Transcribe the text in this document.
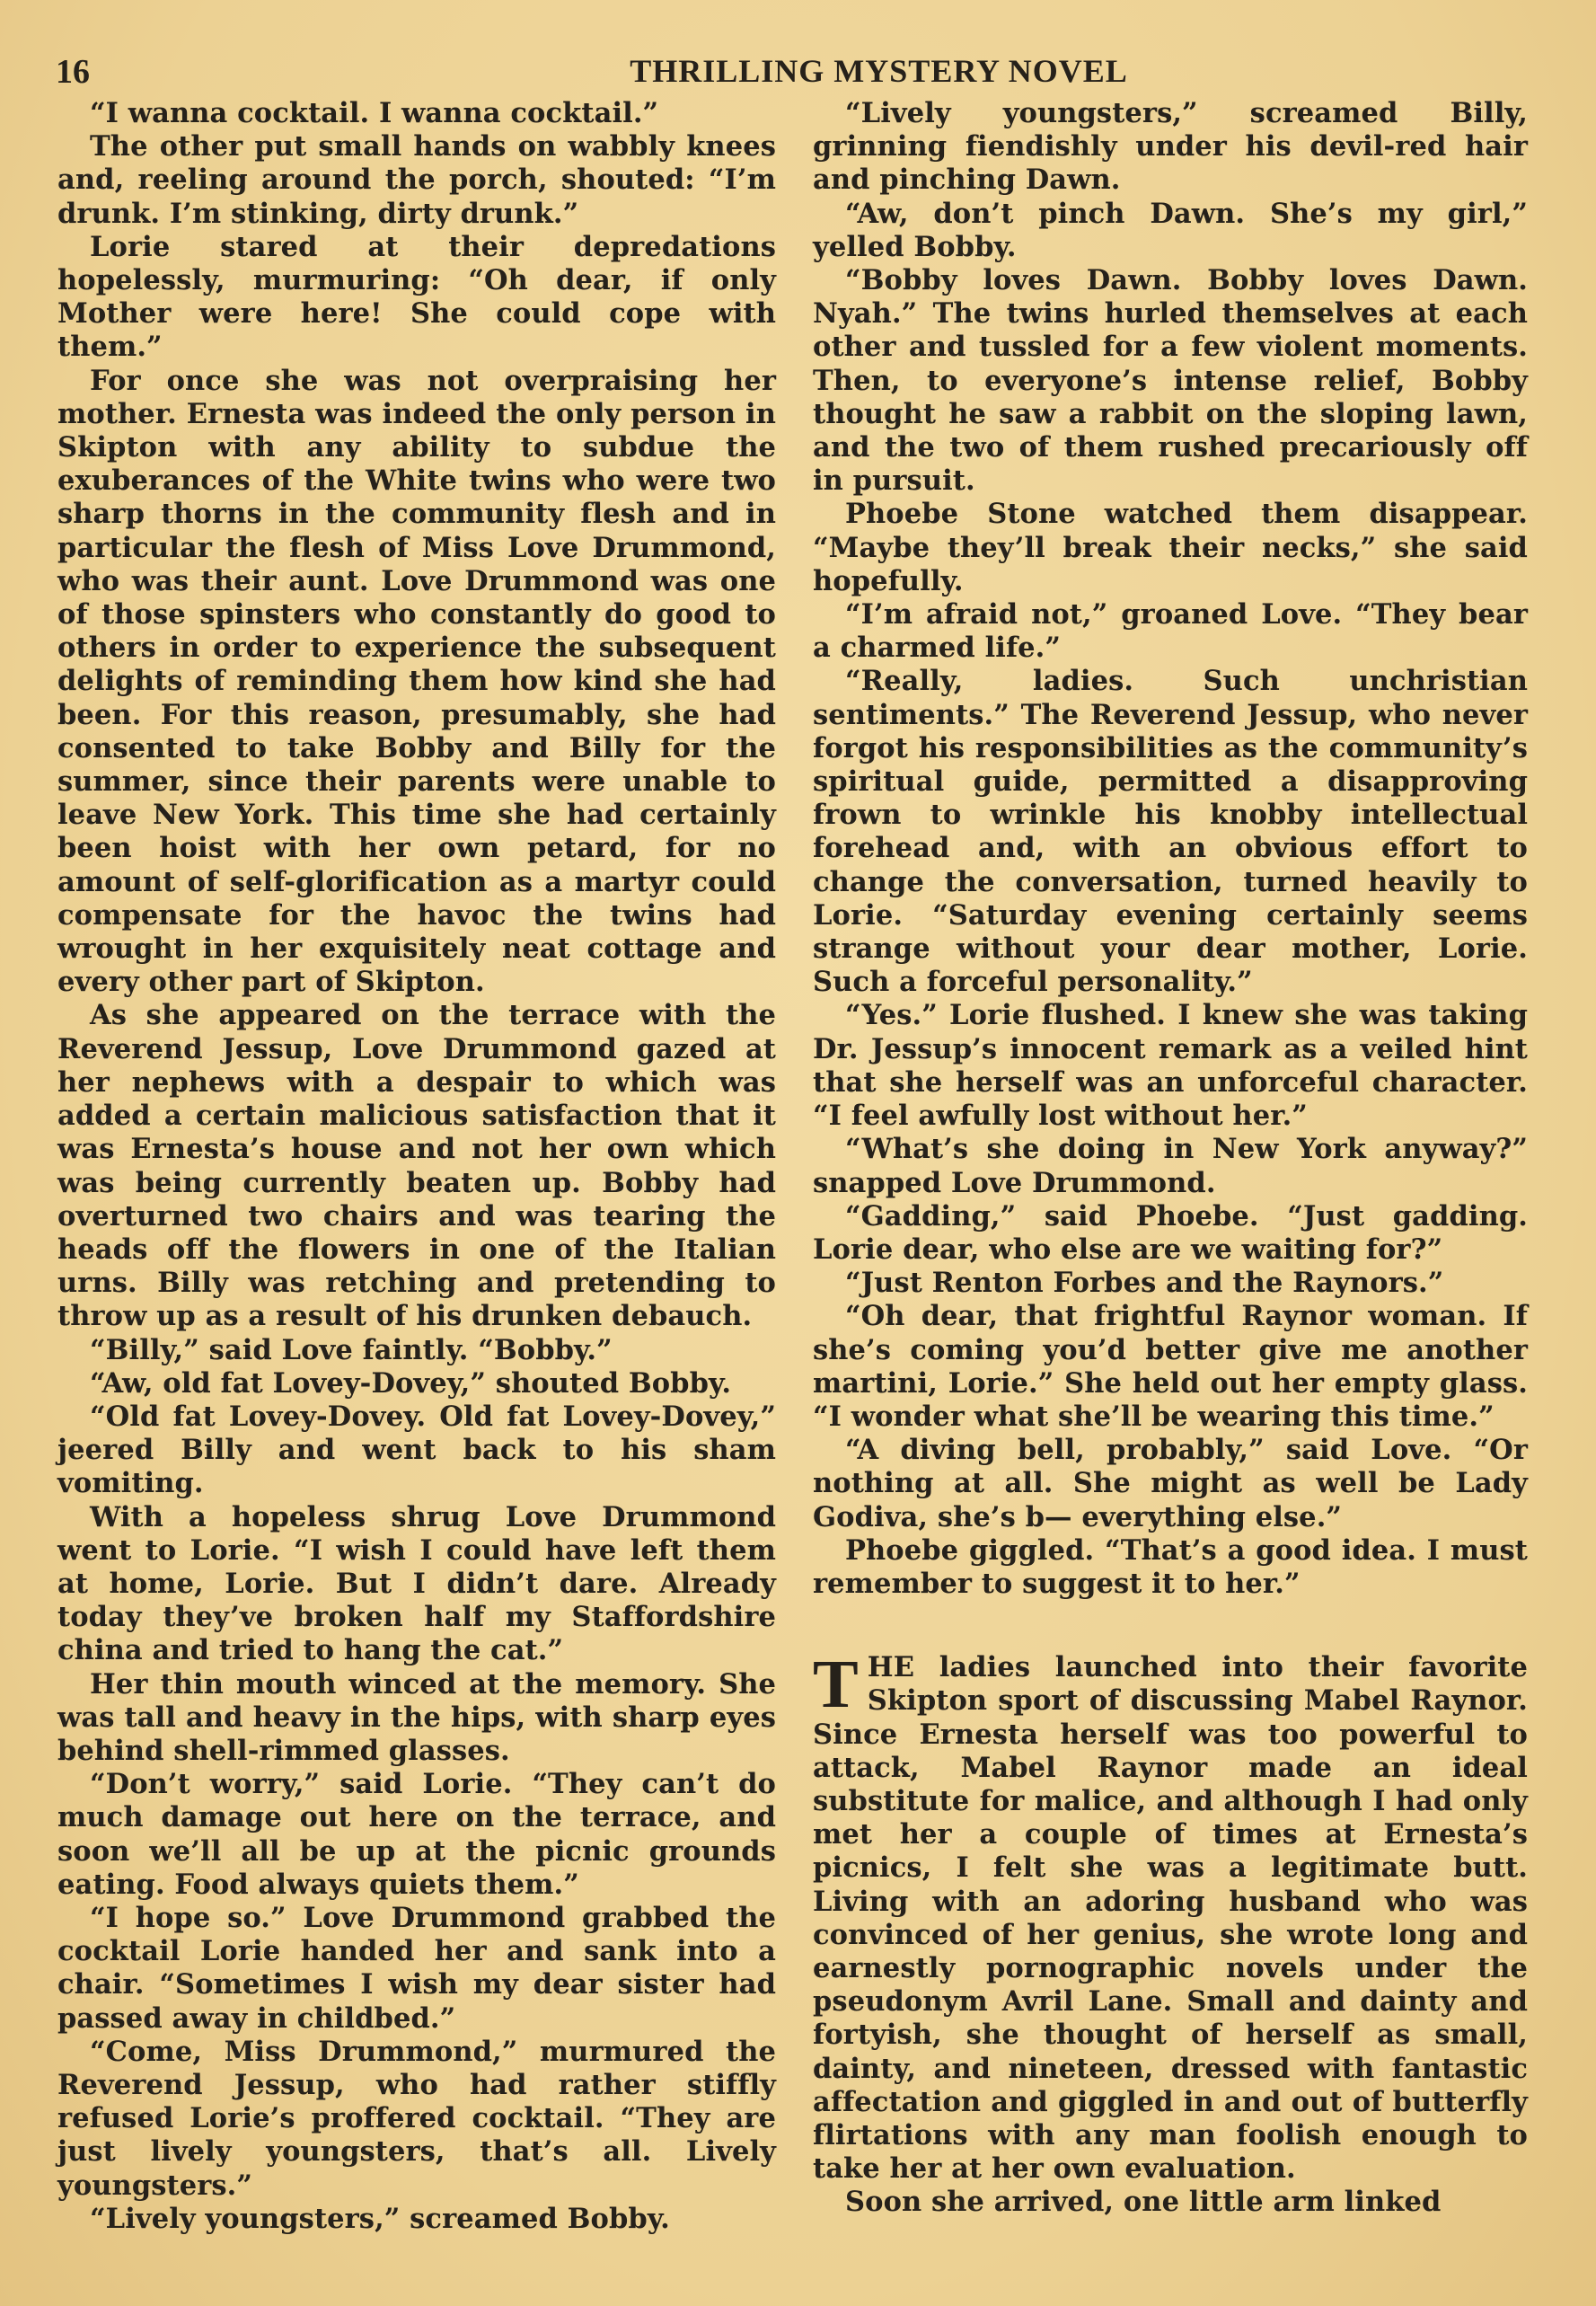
16	THRILLING MYSTERY NOVEL

“I wanna cocktail. I wanna cocktail.”

The other put small hands on wabbly knees and, reeling around the porch, shouted: “I’m drunk. I’m stinking, dirty drunk.”

Lorie stared at their depredations hopelessly, murmuring: “Oh dear, if only Mother were here! She could cope with them.”

For once she was not overpraising her mother. Ernesta was indeed the only person in Skipton with any ability to subdue the exuberances of the White twins who were two sharp thorns in the community flesh and in particular the flesh of Miss Love Drummond, who was their aunt. Love Drummond was one of those spinsters who constantly do good to others in order to experience the subsequent delights of reminding them how kind she had been. For this reason, presumably, she had consented to take Bobby and Billy for the summer, since their parents were unable to leave New York. This time she had certainly been hoist with her own petard, for no amount of self-glorification as a martyr could compensate for the havoc the twins had wrought in her exquisitely neat cottage and every other part of Skipton.

As she appeared on the terrace with the Reverend Jessup, Love Drummond gazed at her nephews with a despair to which was added a certain malicious satisfaction that it was Ernesta’s house and not her own which was being currently beaten up. Bobby had overturned two chairs and was tearing the heads off the flowers in one of the Italian urns. Billy was retching and pretending to throw up as a result of his drunken debauch.

“Billy,” said Love faintly. “Bobby.”

“Aw, old fat Lovey-Dovey,” shouted Bobby.

“Old fat Lovey-Dovey. Old fat Lovey-Dovey,” jeered Billy and went back to his sham vomiting.

With a hopeless shrug Love Drummond went to Lorie. “I wish I could have left them at home, Lorie. But I didn’t dare. Already today they’ve broken half my Staffordshire china and tried to hang the cat.”

Her thin mouth winced at the memory. She was tall and heavy in the hips, with sharp eyes behind shell-rimmed glasses.

“Don’t worry,” said Lorie. “They can’t do much damage out here on the terrace, and soon we’ll all be up at the picnic grounds eating. Food always quiets them.”

“I hope so.” Love Drummond grabbed the cocktail Lorie handed her and sank into a chair. “Sometimes I wish my dear sister had passed away in childbed.”

“Come, Miss Drummond,” murmured the Reverend Jessup, who had rather stiffly refused Lorie’s proffered cocktail. “They are just lively youngsters, that’s all. Lively youngsters.”

“Lively youngsters,” screamed Bobby.

“Lively youngsters,” screamed Billy, grinning fiendishly under his devil-red hair and pinching Dawn.

“Aw, don’t pinch Dawn. She’s my girl,” yelled Bobby.

“Bobby loves Dawn. Bobby loves Dawn. Nyah.” The twins hurled themselves at each other and tussled for a few violent moments. Then, to everyone’s intense relief, Bobby thought he saw a rabbit on the sloping lawn, and the two of them rushed precariously off in pursuit.

Phoebe Stone watched them disappear. “Maybe they’ll break their necks,” she said hopefully.

“I’m afraid not,” groaned Love. “They bear a charmed life.”

“Really, ladies. Such unchristian sentiments.” The Reverend Jessup, who never forgot his responsibilities as the community’s spiritual guide, permitted a disapproving frown to wrinkle his knobby intellectual forehead and, with an obvious effort to change the conversation, turned heavily to Lorie. “Saturday evening certainly seems strange without your dear mother, Lorie. Such a forceful personality.”

“Yes.” Lorie flushed. I knew she was taking Dr. Jessup’s innocent remark as a veiled hint that she herself was an unforceful character. “I feel awfully lost without her.”

“What’s she doing in New York anyway?” snapped Love Drummond.

“Gadding,” said Phoebe. “Just gadding. Lorie dear, who else are we waiting for?”

“Just Renton Forbes and the Raynors.”

“Oh dear, that frightful Raynor woman. If she’s coming you’d better give me another martini, Lorie.” She held out her empty glass. “I wonder what she’ll be wearing this time.”

“A diving bell, probably,” said Love. “Or nothing at all. She might as well be Lady Godiva, she’s b— everything else.”

Phoebe giggled. “That’s a good idea. I must remember to suggest it to her.”

THE ladies launched into their favorite Skipton sport of discussing Mabel Raynor. Since Ernesta herself was too powerful to attack, Mabel Raynor made an ideal substitute for malice, and although I had only met her a couple of times at Ernesta’s picnics, I felt she was a legitimate butt. Living with an adoring husband who was convinced of her genius, she wrote long and earnestly pornographic novels under the pseudonym Avril Lane. Small and dainty and fortyish, she thought of herself as small, dainty, and nineteen, dressed with fantastic affectation and giggled in and out of butterfly flirtations with any man foolish enough to take her at her own evaluation.

Soon she arrived, one little arm linked
